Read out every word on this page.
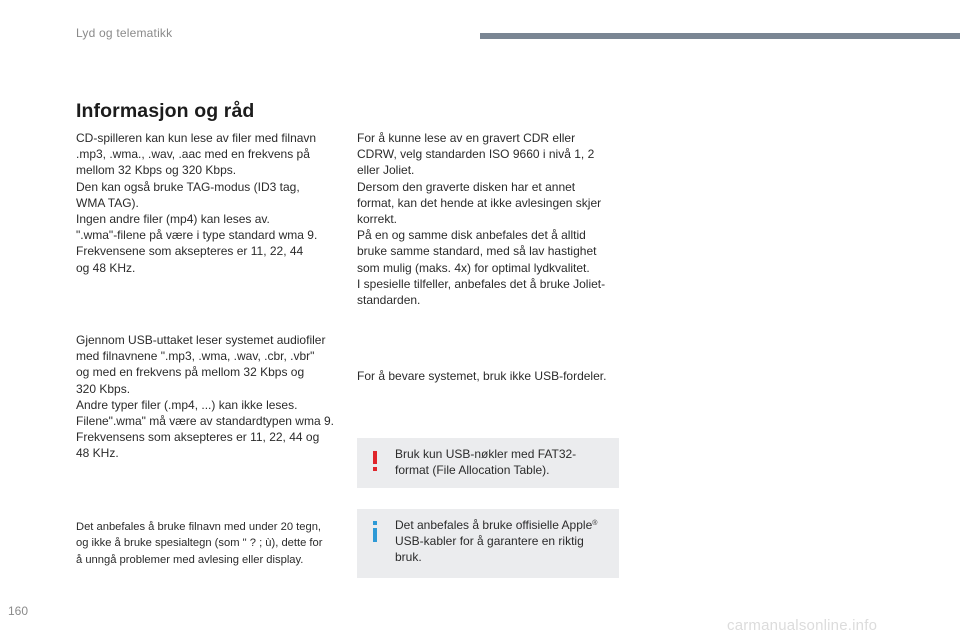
Lyd og telematikk
Informasjon og råd
CD-spilleren kan kun lese av filer med filnavn
.mp3, .wma., .wav, .aac med en frekvens på
mellom 32 Kbps og 320 Kbps.
Den kan også bruke TAG-modus (ID3 tag,
WMA TAG).
Ingen andre filer (mp4) kan leses av.
".wma"-filene på være i type standard wma 9.
Frekvensene som aksepteres er 11, 22, 44
og 48 KHz.
Gjennom USB-uttaket leser systemet audiofiler
med filnavnene ".mp3, .wma, .wav, .cbr, .vbr"
og med en frekvens på mellom 32 Kbps og
320 Kbps.
Andre typer filer (.mp4, ...) kan ikke leses.
Filene".wma" må være av standardtypen wma 9.
Frekvensens som aksepteres er 11, 22, 44 og
48 KHz.
Det anbefales å bruke filnavn med under 20 tegn,
og ikke å bruke spesialtegn (som " ? ; ù), dette for
å unngå problemer med avlesing eller display.
For å kunne lese av en gravert CDR eller
CDRW, velg standarden ISO 9660 i nivå 1, 2
eller Joliet.
Dersom den graverte disken har et annet
format, kan det hende at ikke avlesingen skjer
korrekt.
På en og samme disk anbefales det å alltid
bruke samme standard, med så lav hastighet
som mulig (maks. 4x) for optimal lydkvalitet.
I spesielle tilfeller, anbefales det å bruke Joliet-
standarden.
For å bevare systemet, bruk ikke USB-fordeler.
Bruk kun USB-nøkler med FAT32-
format (File Allocation Table).
Det anbefales å bruke offisielle Apple®
USB-kabler for å garantere en riktig
bruk.
160
carmanualsonline.info
